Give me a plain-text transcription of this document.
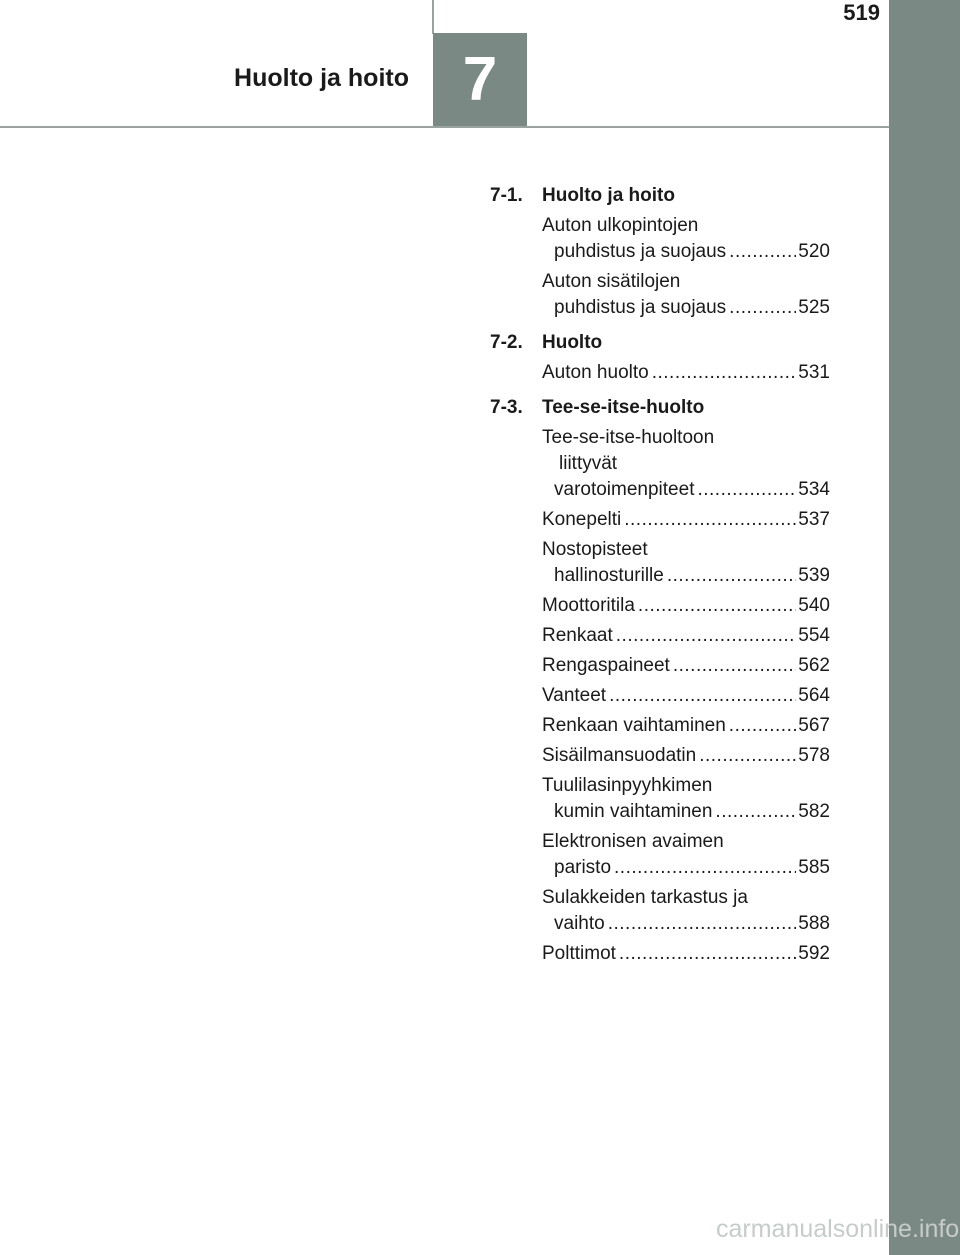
519
7
Huolto ja hoito
7-1.	Huolto ja hoito
Auton ulkopintojen
puhdistus ja suojaus .....	520
Auton sisätilojen
puhdistus ja suojaus .....	525
7-2.	Huolto
Auton huolto .....	531
7-3.	Tee-se-itse-huolto
Tee-se-itse-huoltoon
liittyvät
varotoimenpiteet .....	534
Konepelti .....	537
Nostopisteet
hallinosturille .....	539
Moottoritila .....	540
Renkaat .....	554
Rengaspaineet .....	562
Vanteet .....	564
Renkaan vaihtaminen .....	567
Sisäilmansuodatin .....	578
Tuulilasinpyyhkimen
kumin vaihtaminen .....	582
Elektronisen avaimen
paristo .....	585
Sulakkeiden tarkastus ja
vaihto .....	588
Polttimot .....	592
carmanualsonline.info
